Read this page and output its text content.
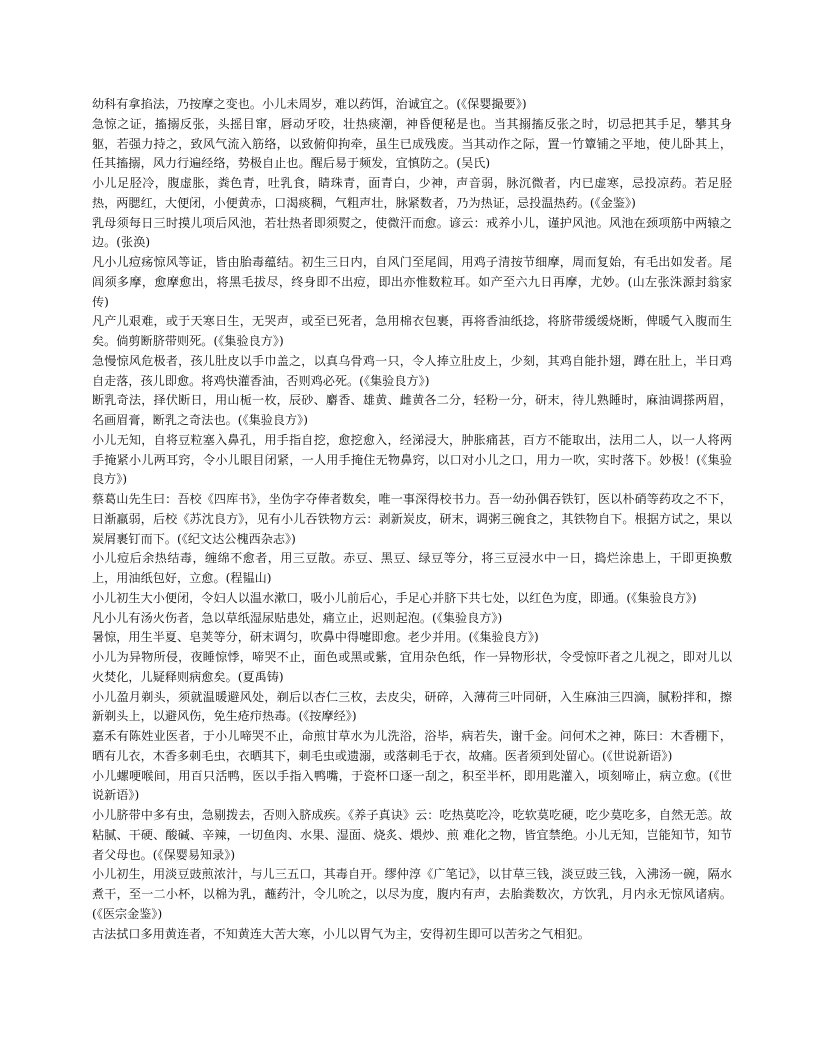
幼科有拿掐法，乃按摩之变也。小儿未周岁，难以药饵，治诚宜之。(《保婴撮要》)

急惊之证，搐搦反张，头摇目窜，唇动牙咬，壮热痰潮，神昏便秘是也。当其搦搐反张之时，切忌把其手足，攀其身躯，若强力持之，致风气流入筋络，以致俯仰拘牵，虽生已成残废。当其动作之际，置一竹簟铺之平地，使儿卧其上，任其搐搦，风力行遍经络，势极自止也。醒后易于频发，宜慎防之。(吴氏)

小儿足胫冷，腹虚胀，粪色青，吐乳食，睛珠青，面青白，少神，声音弱，脉沉微者，内已虚寒，忌投凉药。若足胫热，两腮红，大便闭，小便黄赤，口渴痰稠，气粗声壮，脉紧数者，乃为热证，忌投温热药。(《金鉴》)

乳母须每日三时摸儿项后风池，若壮热者即须熨之，使微汗而愈。谚云：戒养小儿，谨护风池。风池在颈项筋中两辕之边。(张涣)

凡小儿痘疡惊风等证，皆由胎毒蕴结。初生三日内，自风门至尾闾，用鸡子清按节细摩，周而复始，有毛出如发者。尾闾须多摩，愈摩愈出，将黑毛拔尽，终身即不出痘，即出亦惟数粒耳。如产至六九日再摩，尤妙。(山左张洙源封翁家传)

凡产儿艰难，或于天寒日生，无哭声，或至已死者，急用棉衣包裹，再将香油纸捻，将脐带缓缓烧断，俾暖气入腹而生矣。倘剪断脐带则死。(《集验良方》)

急慢惊风危极者，孩儿肚皮以手巾盖之，以真乌骨鸡一只，令人捧立肚皮上，少刻，其鸡自能扑翅，蹲在肚上，半日鸡自走落，孩儿即愈。将鸡快灌香油，否则鸡必死。(《集验良方》)

断乳奇法，择伏断日，用山栀一枚，辰砂、麝香、雄黄、雌黄各二分，轻粉一分，研末，待儿熟睡时，麻油调搽两眉，名画眉膏，断乳之奇法也。(《集验良方》)

小儿无知，自将豆粒塞入鼻孔，用手指自挖，愈挖愈入，经涕浸大，肿胀痛甚，百方不能取出，法用二人，以一人将两手掩紧小儿两耳窍，令小儿眼目闭紧，一人用手掩住无物鼻窍，以口对小儿之口，用力一吹，实时落下。妙极！(《集验良方》)

蔡葛山先生曰：吾校《四库书》，坐伪字夺俸者数矣，唯一事深得校书力。吾一幼孙偶吞铁钉，医以朴硝等药攻之不下，日渐羸弱，后校《苏沈良方》，见有小儿吞铁物方云：剥新炭皮，研末，调粥三碗食之，其铁物自下。根据方试之，果以炭屑裹钉而下。(《纪文达公槐西杂志》)

小儿痘后余热结毒，缠绵不愈者，用三豆散。赤豆、黑豆、绿豆等分，将三豆浸水中一日，捣烂涂患上，干即更换敷上，用油纸包好，立愈。(程韫山)

小儿初生大小便闭，令妇人以温水漱口，吸小儿前后心，手足心并脐下共七处，以红色为度，即通。(《集验良方》)

凡小儿有汤火伤者，急以草纸湿尿贴患处，痛立止，迟则起泡。(《集验良方》)

暑惊，用生半夏、皂荚等分，研末调匀，吹鼻中得嚏即愈。老少并用。(《集验良方》)

小儿为异物所侵，夜睡惊悸，啼哭不止，面色或黑或紫，宜用杂色纸，作一异物形状，令受惊吓者之儿视之，即对儿以火焚化，儿疑释则病愈矣。(夏禹铸)

小儿盈月剃头，须就温暖避风处，剃后以杏仁三枚，去皮尖，研碎，入薄荷三叶同研，入生麻油三四滴，腻粉拌和，擦新剃头上，以避风伤，免生疮疖热毒。(《按摩经》)

嘉禾有陈姓业医者，于小儿啼哭不止，命煎甘草水为儿洗浴，浴毕，病若失，谢千金。问何术之神，陈曰：木香棚下，晒有儿衣，木香多刺毛虫，衣晒其下，刺毛虫或遗溺，或落刺毛于衣，故痛。医者须到处留心。(《世说新语》)

小儿螺哽喉间，用百只活鸭，医以手指入鸭嘴，于瓷杯口逐一刮之，积至半杯，即用匙灌入，顷刻啼止，病立愈。(《世说新语》)

小儿脐带中多有虫，急剔拨去，否则入脐成疾。《养子真诀》云：吃热莫吃冷，吃软莫吃硬，吃少莫吃多，自然无恙。故粘腻、干硬、酸碱、辛辣，一切鱼肉、水果、湿面、烧炙、煨炒、煎 难化之物，皆宜禁绝。小儿无知，岂能知节，知节者父母也。(《保婴易知录》)

小儿初生，用淡豆豉煎浓汁，与儿三五口，其毒自开。缪仲淳《广笔记》，以甘草三钱，淡豆豉三钱，入沸汤一碗，隔水煮干，至一二小杯，以棉为乳，蘸药汁，令儿吮之，以尽为度，腹内有声，去胎粪数次，方饮乳，月内永无惊风诸病。(《医宗金鉴》)

古法拭口多用黄连者，不知黄连大苦大寒，小儿以胃气为主，安得初生即可以苦劣之气相犯。
